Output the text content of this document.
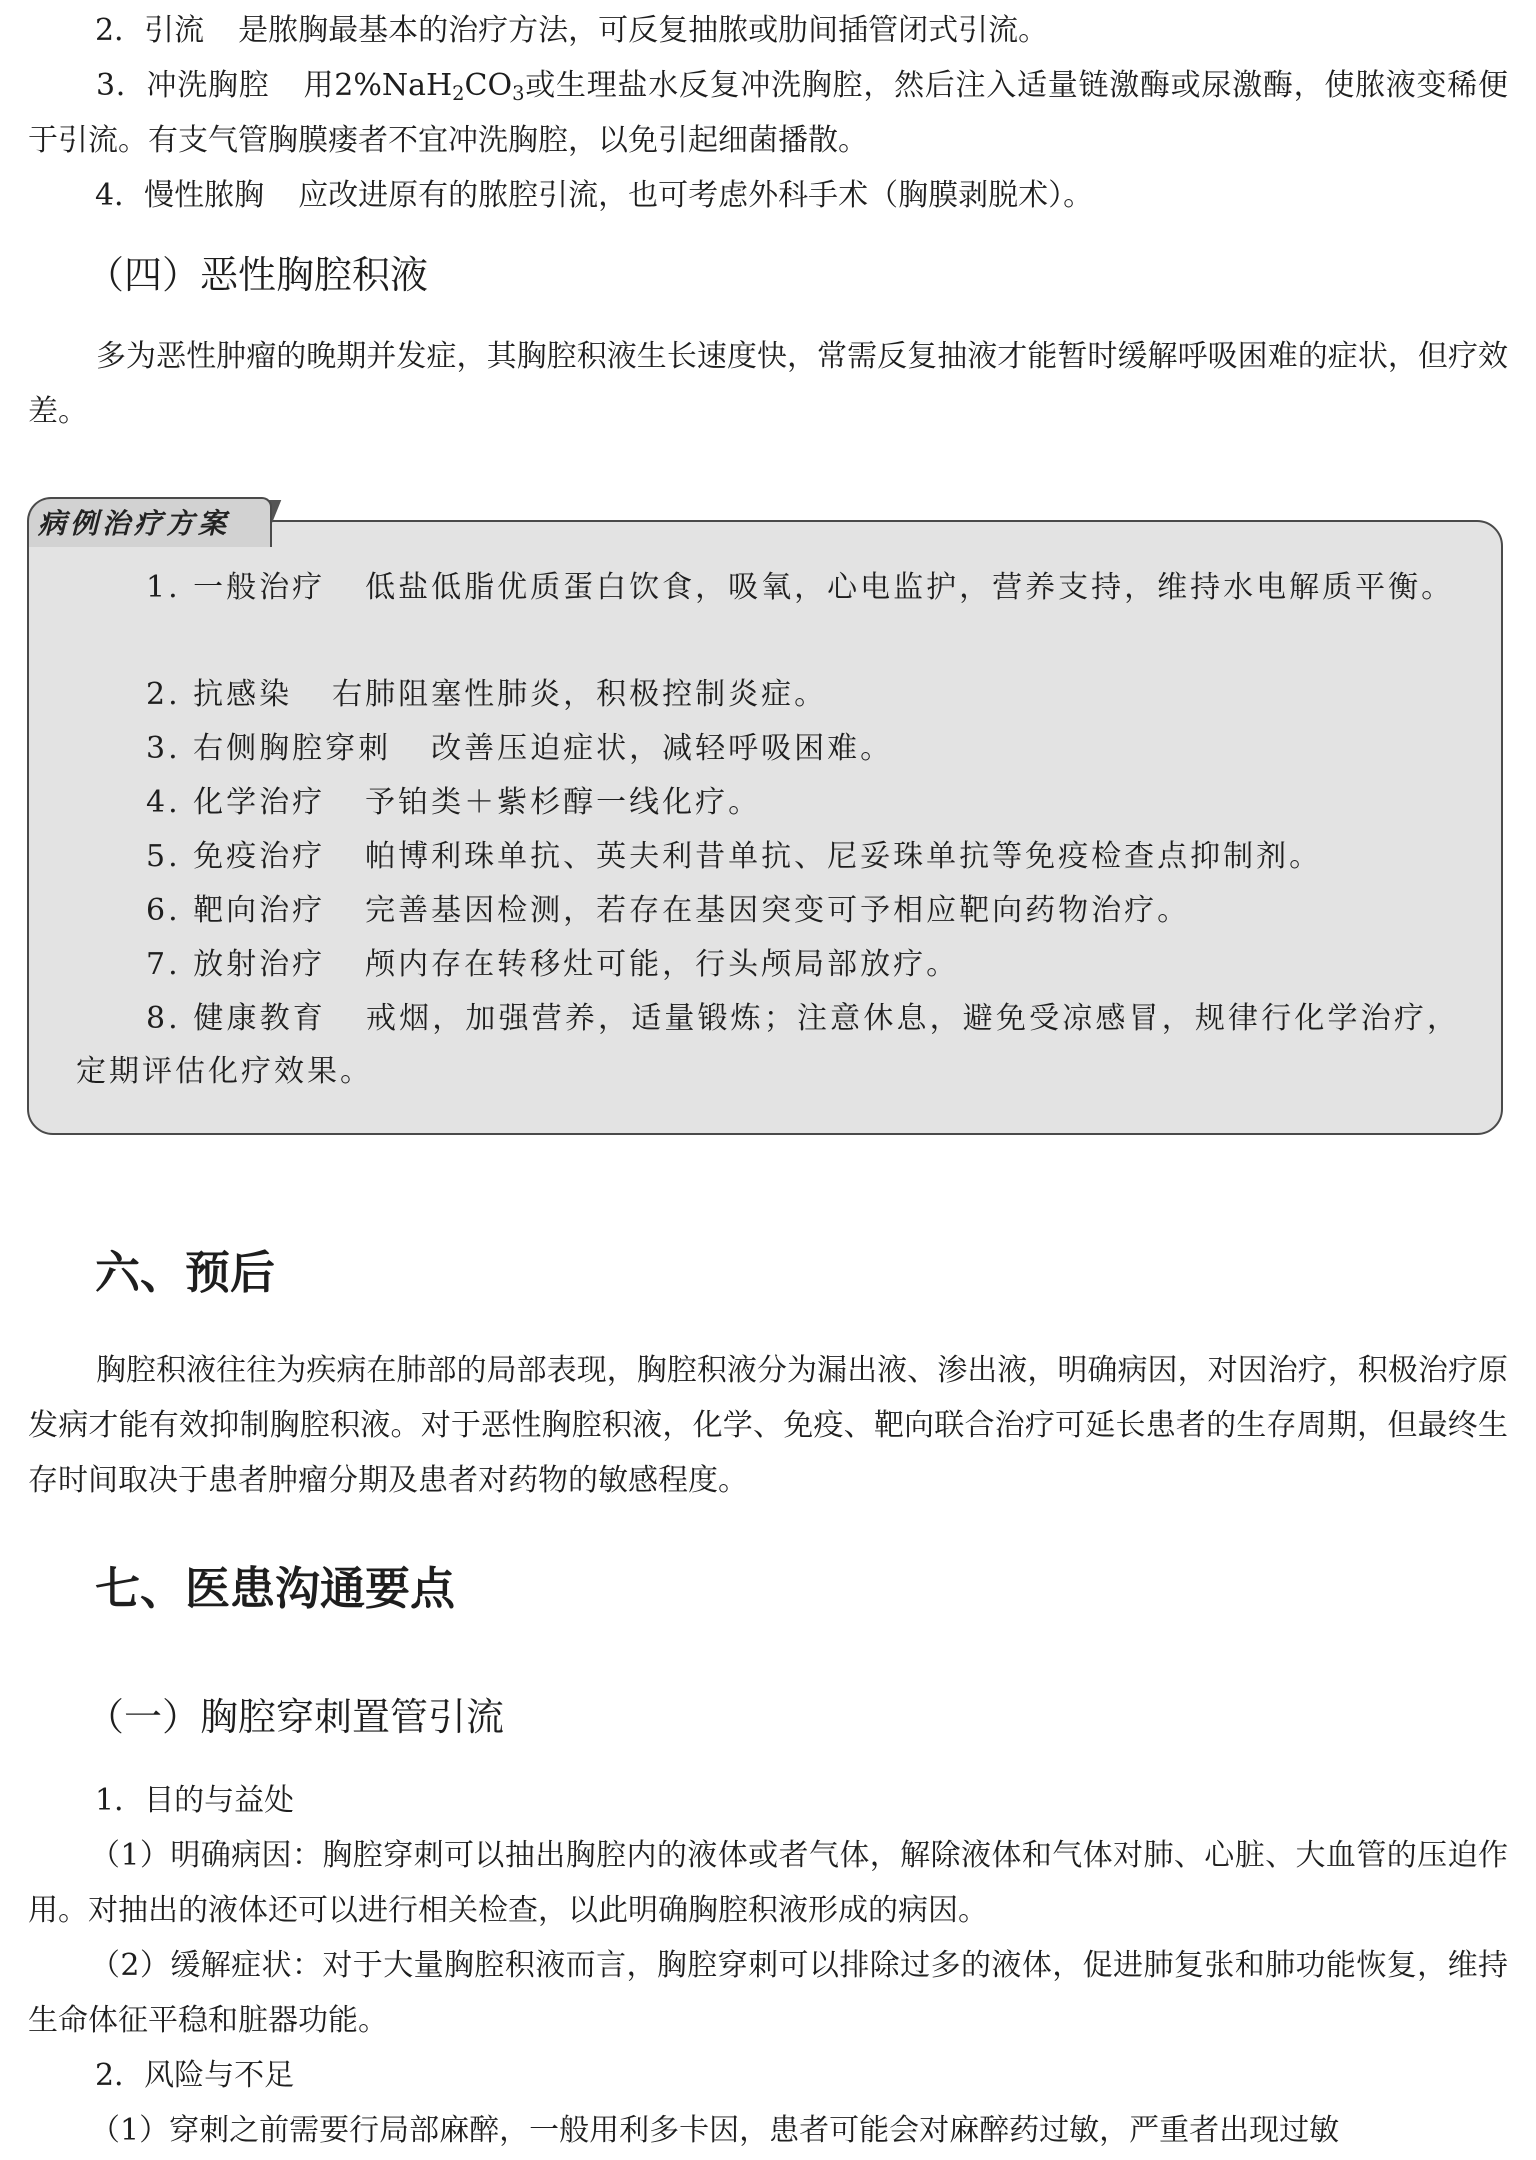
2．引流 是脓胸最基本的治疗方法，可反复抽脓或肋间插管闭式引流。

3．冲洗胸腔 用$2\%NaH_2CO_3$或生理盐水反复冲洗胸腔，然后注入适量链激酶或尿激酶，使脓液变稀便于引流。有支气管胸膜瘘者不宜冲洗胸腔，以免引起细菌播散。

4．慢性脓胸 应改进原有的脓腔引流，也可考虑外科手术（胸膜剥脱术）。

（四）恶性胸腔积液

多为恶性肿瘤的晚期并发症，其胸腔积液生长速度快，常需反复抽液才能暂时缓解呼吸困难的症状，但疗效差。

病例治疗方案

1. 一般治疗 低盐低脂优质蛋白饮食，吸氧，心电监护，营养支持，维持水电解质平衡。

2. 抗感染 右肺阻塞性肺炎，积极控制炎症。

3. 右侧胸腔穿刺 改善压迫症状，减轻呼吸困难。

4. 化学治疗 予铂类＋紫杉醇一线化疗。

5. 免疫治疗 帕博利珠单抗、英夫利昔单抗、尼妥珠单抗等免疫检查点抑制剂。

6. 靶向治疗 完善基因检测，若存在基因突变可予相应靶向药物治疗。

7. 放射治疗 颅内存在转移灶可能，行头颅局部放疗。

8. 健康教育 戒烟，加强营养，适量锻炼；注意休息，避免受凉感冒，规律行化学治疗，定期评估化疗效果。

六、预后

胸腔积液往往为疾病在肺部的局部表现，胸腔积液分为漏出液、渗出液，明确病因，对因治疗，积极治疗原发病才能有效抑制胸腔积液。对于恶性胸腔积液，化学、免疫、靶向联合治疗可延长患者的生存周期，但最终生存时间取决于患者肿瘤分期及患者对药物的敏感程度。

七、医患沟通要点
（一）胸腔穿刺置管引流

1．目的与益处

（1）明确病因：胸腔穿刺可以抽出胸腔内的液体或者气体，解除液体和气体对肺、心脏、大血管的压迫作用。对抽出的液体还可以进行相关检查，以此明确胸腔积液形成的病因。

（2）缓解症状：对于大量胸腔积液而言，胸腔穿刺可以排除过多的液体，促进肺复张和肺功能恢复，维持生命体征平稳和脏器功能。

2．风险与不足

（1）穿刺之前需要行局部麻醉，一般用利多卡因，患者可能会对麻醉药过敏，严重者出现过敏
